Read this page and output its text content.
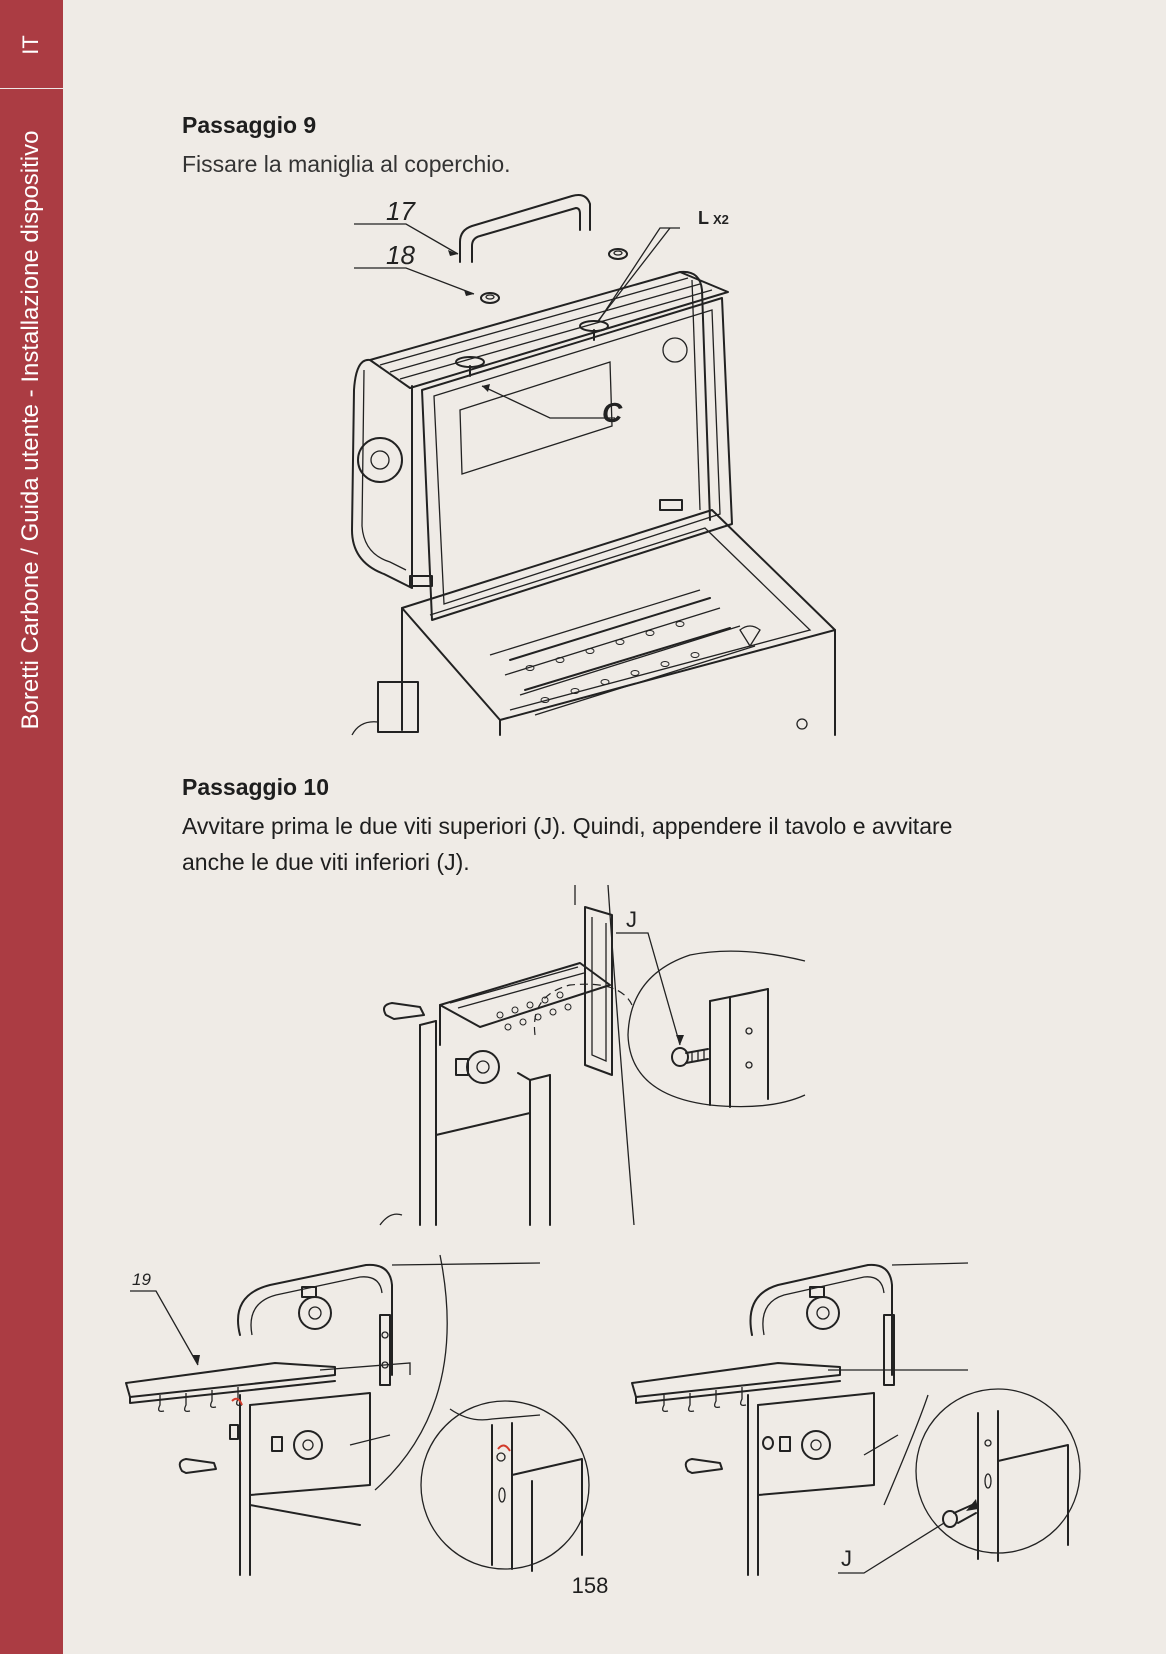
IT
Boretti Carbone / Guida utente - Installazione dispositivo

Passaggio 9

Fissare la maniglia al coperchio.

17
18
L X2
C

Passaggio 10

Avvitare prima le due viti superiori (J). Quindi, appendere il tavolo e avvitare

anche le due viti inferiori (J).

J
19
J
158
